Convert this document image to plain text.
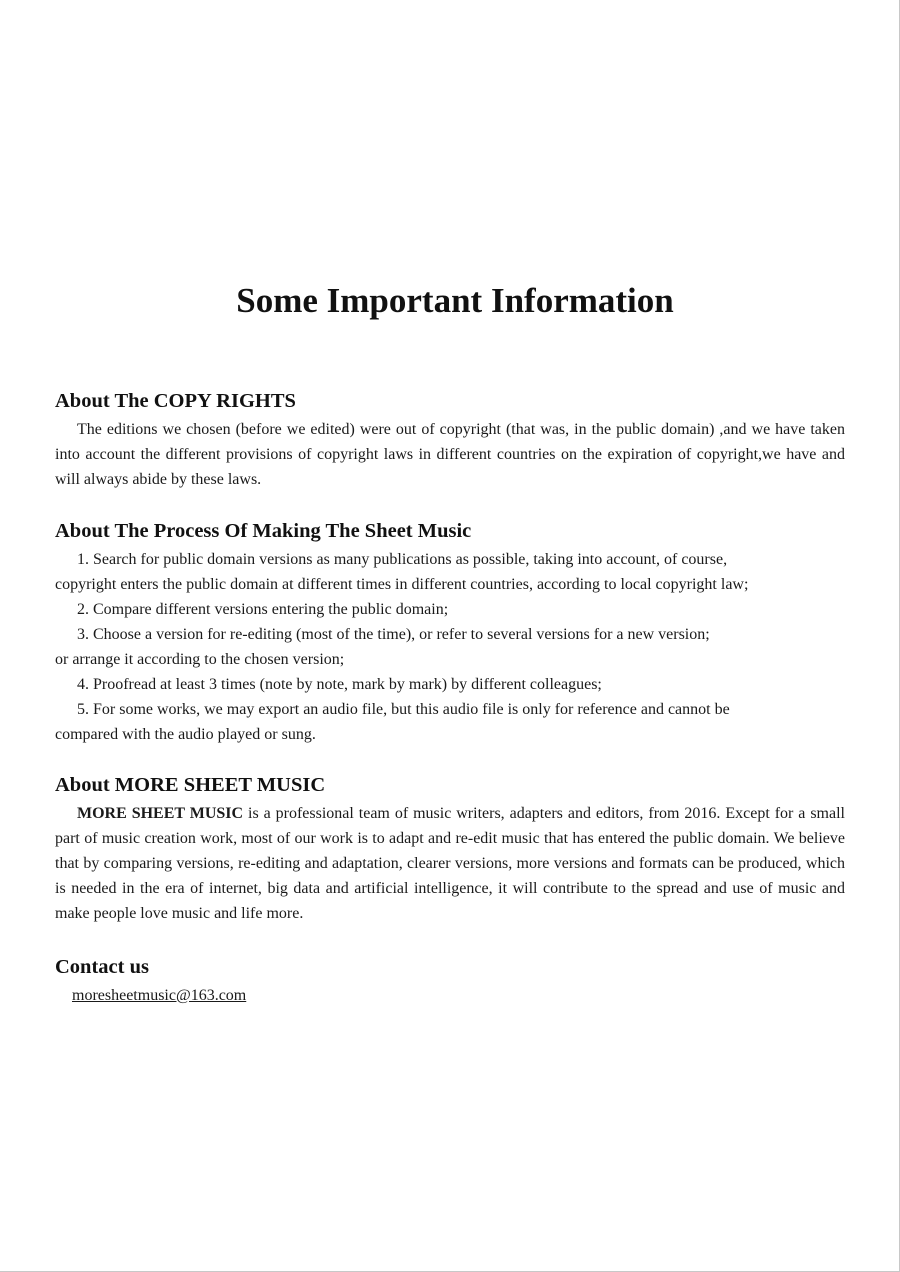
Some Important Information
About The COPY RIGHTS

The editions we chosen (before we edited) were out of copyright (that was, in the public domain) ,and we have taken into account the different provisions of copyright laws in different countries on the expiration of copyright,we have and will always abide by these laws.

About The Process Of Making The Sheet Music

1. Search for public domain versions as many publications as possible, taking into account, of course,

copyright enters the public domain at different times in different countries, according to local copyright law;

2. Compare different versions entering the public domain;

3. Choose a version for re-editing (most of the time), or refer to several versions for a new version;

or arrange it according to the chosen version;

4. Proofread at least 3 times (note by note, mark by mark) by different colleagues;

5. For some works, we may export an audio file, but this audio file is only for reference and cannot be

compared with the audio played or sung.

About MORE SHEET MUSIC

MORE SHEET MUSIC is a professional team of music writers, adapters and editors, from 2016. Except for a small part of music creation work, most of our work is to adapt and re-edit music that has entered the public domain. We believe that by comparing versions, re-editing and adaptation, clearer versions, more versions and formats can be produced, which is needed in the era of internet, big data and artificial intelligence, it will contribute to the spread and use of music and make people love music and life more.

Contact us
moresheetmusic@163.com
